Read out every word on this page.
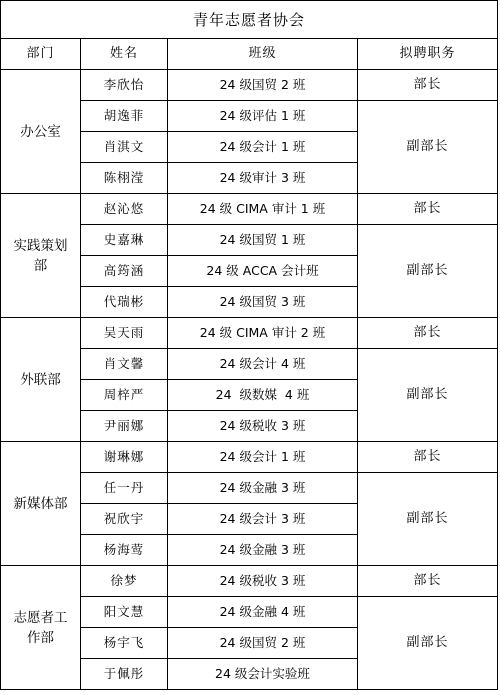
青年志愿者协会			
部门	姓名	班级	拟聘职务
办公室	李欣怡	24 级国贸 2 班	部长
	胡逸菲	24 级评估 1 班	副部长
	肖淇文	24 级会计 1 班	
	陈栩滢	24 级审计 3 班	
实践策划部	赵沁悠	24 级 CIMA 审计 1 班	部长
	史嘉琳	24 级国贸 1 班	副部长
	高筠涵	24 级 ACCA 会计班	
	代瑞彬	24 级国贸 3 班	
外联部	吴天雨	24 级 CIMA 审计 2 班	部长
	肖文馨	24 级会计 4 班	副部长
	周梓严	24  级数媒  4 班	
	尹丽娜	24 级税收 3 班	
新媒体部	谢琳娜	24 级会计 1 班	部长
	任一丹	24 级金融 3 班	副部长
	祝欣宇	24 级会计 3 班	
	杨海莺	24 级金融 3 班	
志愿者工作部	徐梦	24 级税收 3 班	部长
	阳文慧	24 级金融 4 班	副部长
	杨宇飞	24 级国贸 2 班	
	于佩彤	24 级会计实验班	
